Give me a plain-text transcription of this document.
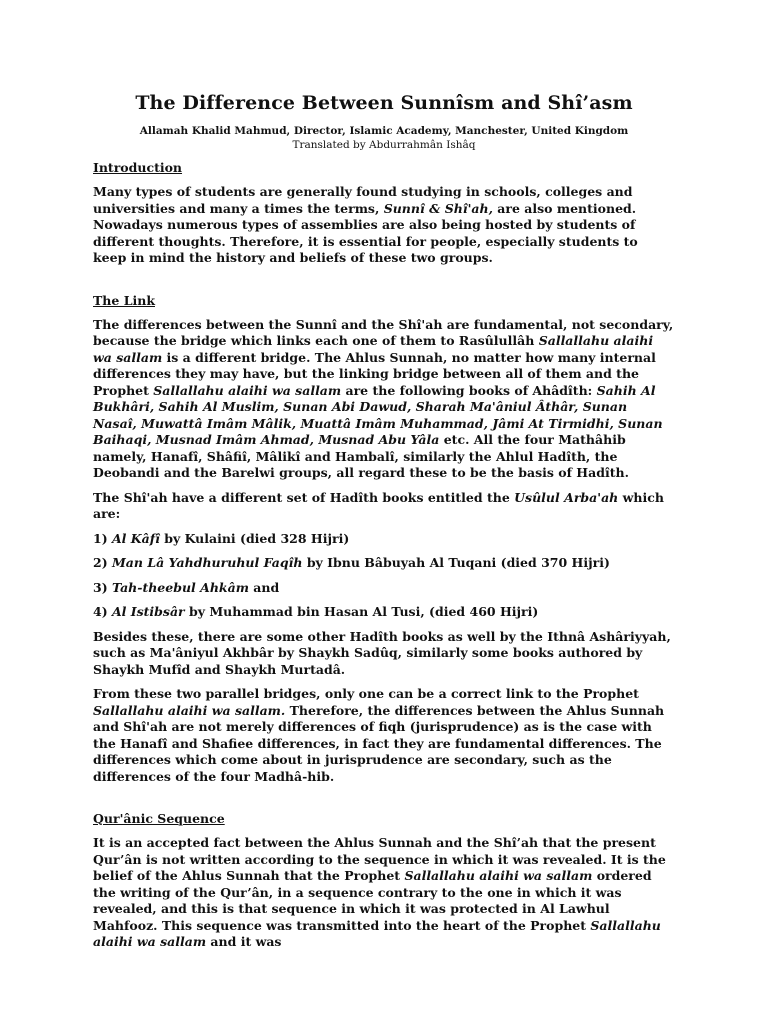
The Difference Between Sunnîsm and Shî’asm

Allamah Khalid Mahmud, Director, Islamic Academy, Manchester, United Kingdom

Translated by Abdurrahmân Ishâq

Introduction

Many types of students are generally found studying in schools, colleges and universities and many a times the terms, Sunnî & Shî'ah, are also mentioned. Nowadays numerous types of assemblies are also being hosted by students of different thoughts. Therefore, it is essential for people, especially students to keep in mind the history and beliefs of these two groups.

The Link

The differences between the Sunnî and the Shî'ah are fundamental, not secondary, because the bridge which links each one of them to Rasûlullâh Sallallahu alaihi wa sallam is a different bridge. The Ahlus Sunnah, no matter how many internal differences they may have, but the linking bridge between all of them and the Prophet Sallallahu alaihi wa sallam are the following books of Ahâdîth: Sahih Al Bukhâri, Sahih Al Muslim, Sunan Abi Dawud, Sharah Ma'âniul Âthâr, Sunan Nasaî, Muwattâ Imâm Mâlik, Muattâ Imâm Muhammad, Jâmi At Tirmidhi, Sunan Baihaqi, Musnad Imâm Ahmad, Musnad Abu Yâla etc. All the four Mathâhib namely, Hanafî, Shâfiî, Mâlikî and Hambalî, similarly the Ahlul Hadîth, the Deobandi and the Barelwi groups, all regard these to be the basis of Hadîth.

The Shî'ah have a different set of Hadîth books entitled the Usûlul Arba'ah which are:

1) Al Kâfî by Kulaini (died 328 Hijri)
2) Man Lâ Yahdhuruhul Faqîh by Ibnu Bâbuyah Al Tuqani (died 370 Hijri)
3) Tah-theebul Ahkâm and
4) Al Istibsâr by Muhammad bin Hasan Al Tusi, (died 460 Hijri)

Besides these, there are some other Hadîth books as well by the Ithnâ Ashâriyyah, such as Ma'âniyul Akhbâr by Shaykh Sadûq, similarly some books authored by Shaykh Mufîd and Shaykh Murtadâ.

From these two parallel bridges, only one can be a correct link to the Prophet Sallallahu alaihi wa sallam. Therefore, the differences between the Ahlus Sunnah and Shî'ah are not merely differences of fiqh (jurisprudence) as is the case with the Hanafî and Shafiee differences, in fact they are fundamental differences. The differences which come about in jurisprudence are secondary, such as the differences of the four Madhâ-hib.

Qur'ânic Sequence

It is an accepted fact between the Ahlus Sunnah and the Shî’ah that the present Qur’ân is not written according to the sequence in which it was revealed. It is the belief of the Ahlus Sunnah that the Prophet Sallallahu alaihi wa sallam ordered the writing of the Qur’ân, in a sequence contrary to the one in which it was revealed, and this is that sequence in which it was protected in Al Lawhul Mahfooz. This sequence was transmitted into the heart of the Prophet Sallallahu alaihi wa sallam and it was
